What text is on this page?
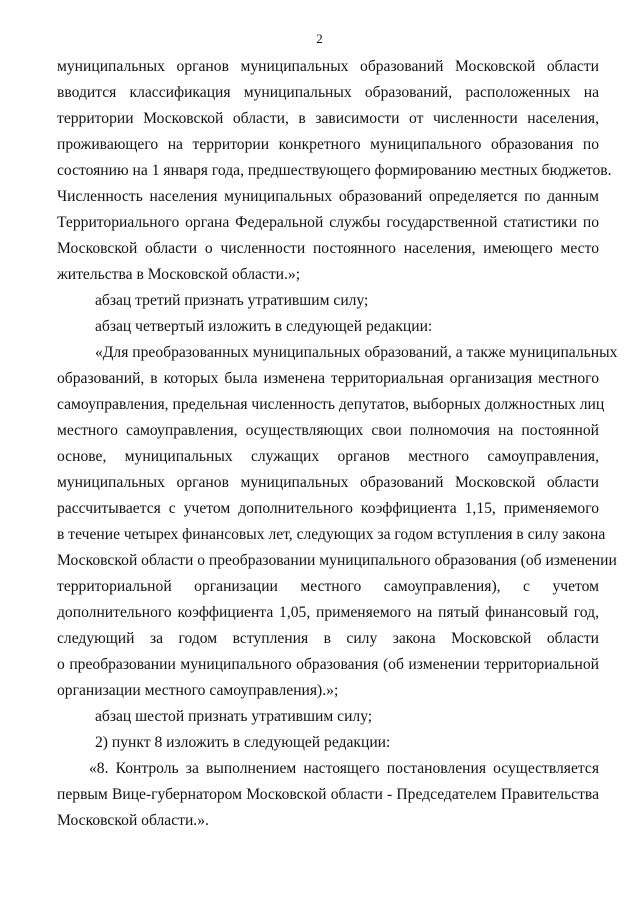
2
муниципальных органов муниципальных образований Московской области
вводится классификация муниципальных образований, расположенных на
территории Московской области, в зависимости от численности населения,
проживающего на территории конкретного муниципального образования по
состоянию на 1 января года, предшествующего формированию местных бюджетов.
Численность населения муниципальных образований определяется по данным
Территориального органа Федеральной службы государственной статистики по
Московской области о численности постоянного населения, имеющего место
жительства в Московской области.»;
абзац третий признать утратившим силу;
абзац четвертый изложить в следующей редакции:
«Для преобразованных муниципальных образований, а также муниципальных
образований, в которых была изменена территориальная организация местного
самоуправления, предельная численность депутатов, выборных должностных лиц
местного самоуправления, осуществляющих свои полномочия на постоянной
основе, муниципальных служащих органов местного самоуправления,
муниципальных органов муниципальных образований Московской области
рассчитывается с учетом дополнительного коэффициента 1,15, применяемого
в течение четырех финансовых лет, следующих за годом вступления в силу закона
Московской области о преобразовании муниципального образования (об изменении
территориальной организации местного самоуправления), с учетом
дополнительного коэффициента 1,05, применяемого на пятый финансовый год,
следующий за годом вступления в силу закона Московской области
о преобразовании муниципального образования (об изменении территориальной
организации местного самоуправления).»;
абзац шестой признать утратившим силу;
2) пункт 8 изложить в следующей редакции:
«8. Контроль за выполнением настоящего постановления осуществляется
первым Вице-губернатором Московской области - Председателем Правительства
Московской области.».
